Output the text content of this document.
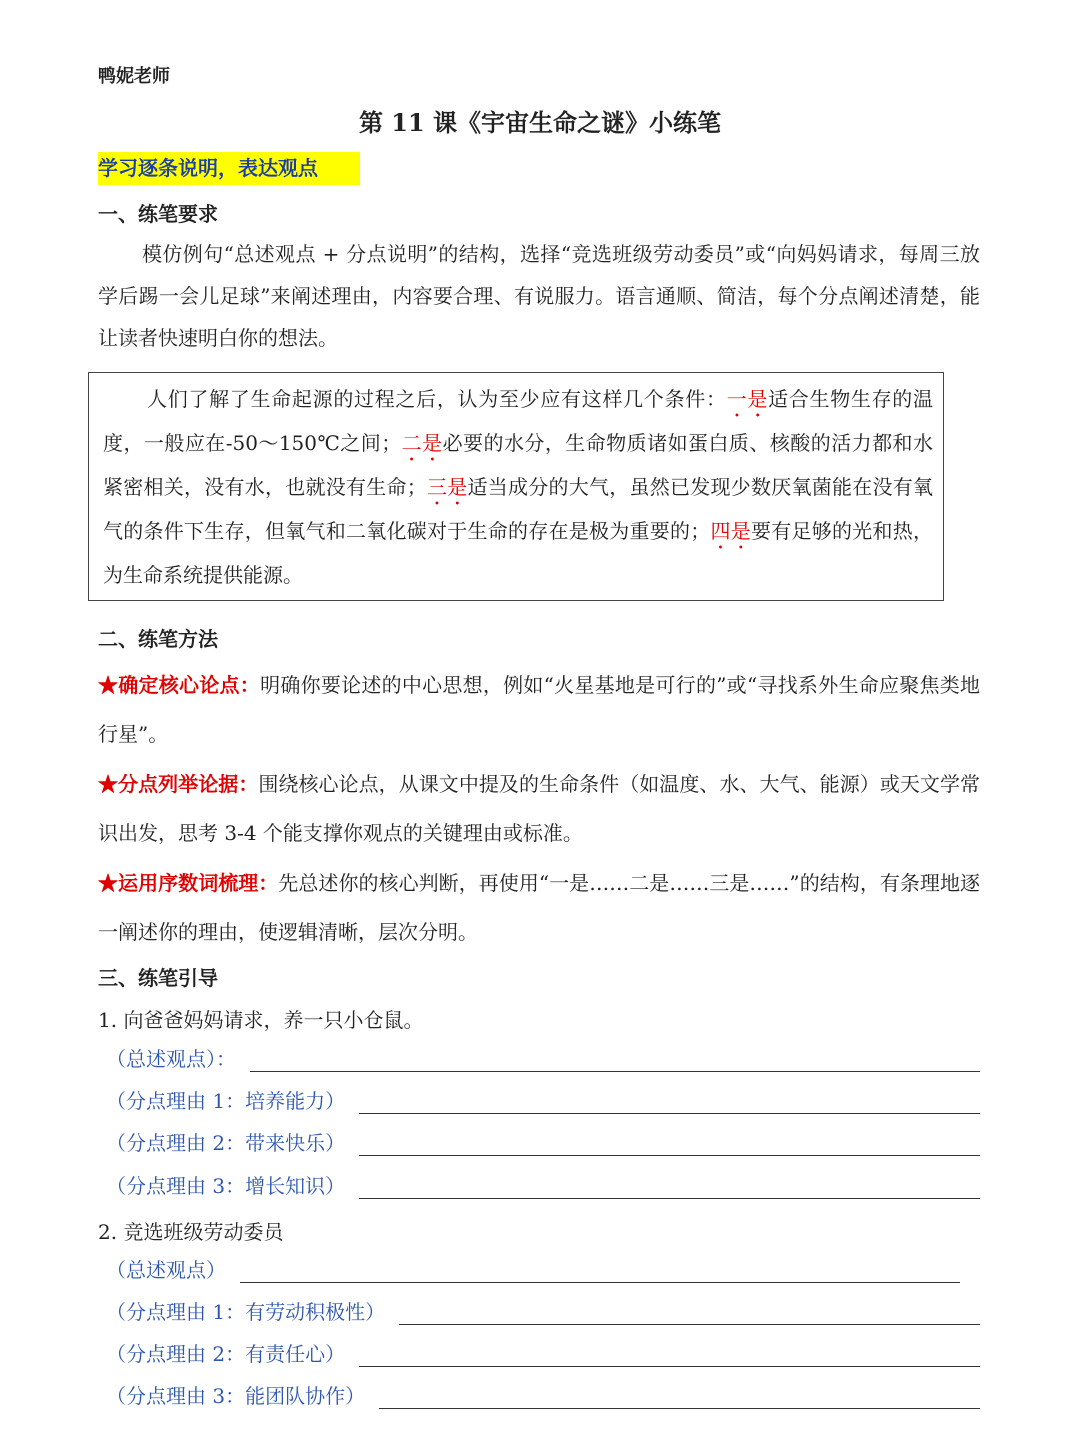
鸭妮老师
第 11 课《宇宙生命之谜》小练笔
学习逐条说明，表达观点
一、练笔要求
模仿例句“总述观点 + 分点说明”的结构，选择“竞选班级劳动委员”或“向妈妈请求，每周三放学后踢一会儿足球”来阐述理由，内容要合理、有说服力。语言通顺、简洁，每个分点阐述清楚，能让读者快速明白你的想法。
人们了解了生命起源的过程之后，认为至少应有这样几个条件：一是适合生物生存的温度，一般应在-50～150℃之间；二是必要的水分，生命物质诸如蛋白质、核酸的活力都和水紧密相关，没有水，也就没有生命；三是适当成分的大气，虽然已发现少数厌氧菌能在没有氧气的条件下生存，但氧气和二氧化碳对于生命的存在是极为重要的；四是要有足够的光和热，为生命系统提供能源。
二、练笔方法
★确定核心论点：明确你要论述的中心思想，例如“火星基地是可行的”或“寻找系外生命应聚焦类地行星”。
★分点列举论据：围绕核心论点，从课文中提及的生命条件（如温度、水、大气、能源）或天文学常识出发，思考 3-4 个能支撑你观点的关键理由或标准。
★运用序数词梳理：先总述你的核心判断，再使用“一是……二是……三是……”的结构，有条理地逐一阐述你的理由，使逻辑清晰，层次分明。
三、练笔引导
1. 向爸爸妈妈请求，养一只小仓鼠。
（总述观点）：
（分点理由 1：培养能力）
（分点理由 2：带来快乐）
（分点理由 3：增长知识）
2. 竞选班级劳动委员
（总述观点）
（分点理由 1：有劳动积极性）
（分点理由 2：有责任心）
（分点理由 3：能团队协作）
